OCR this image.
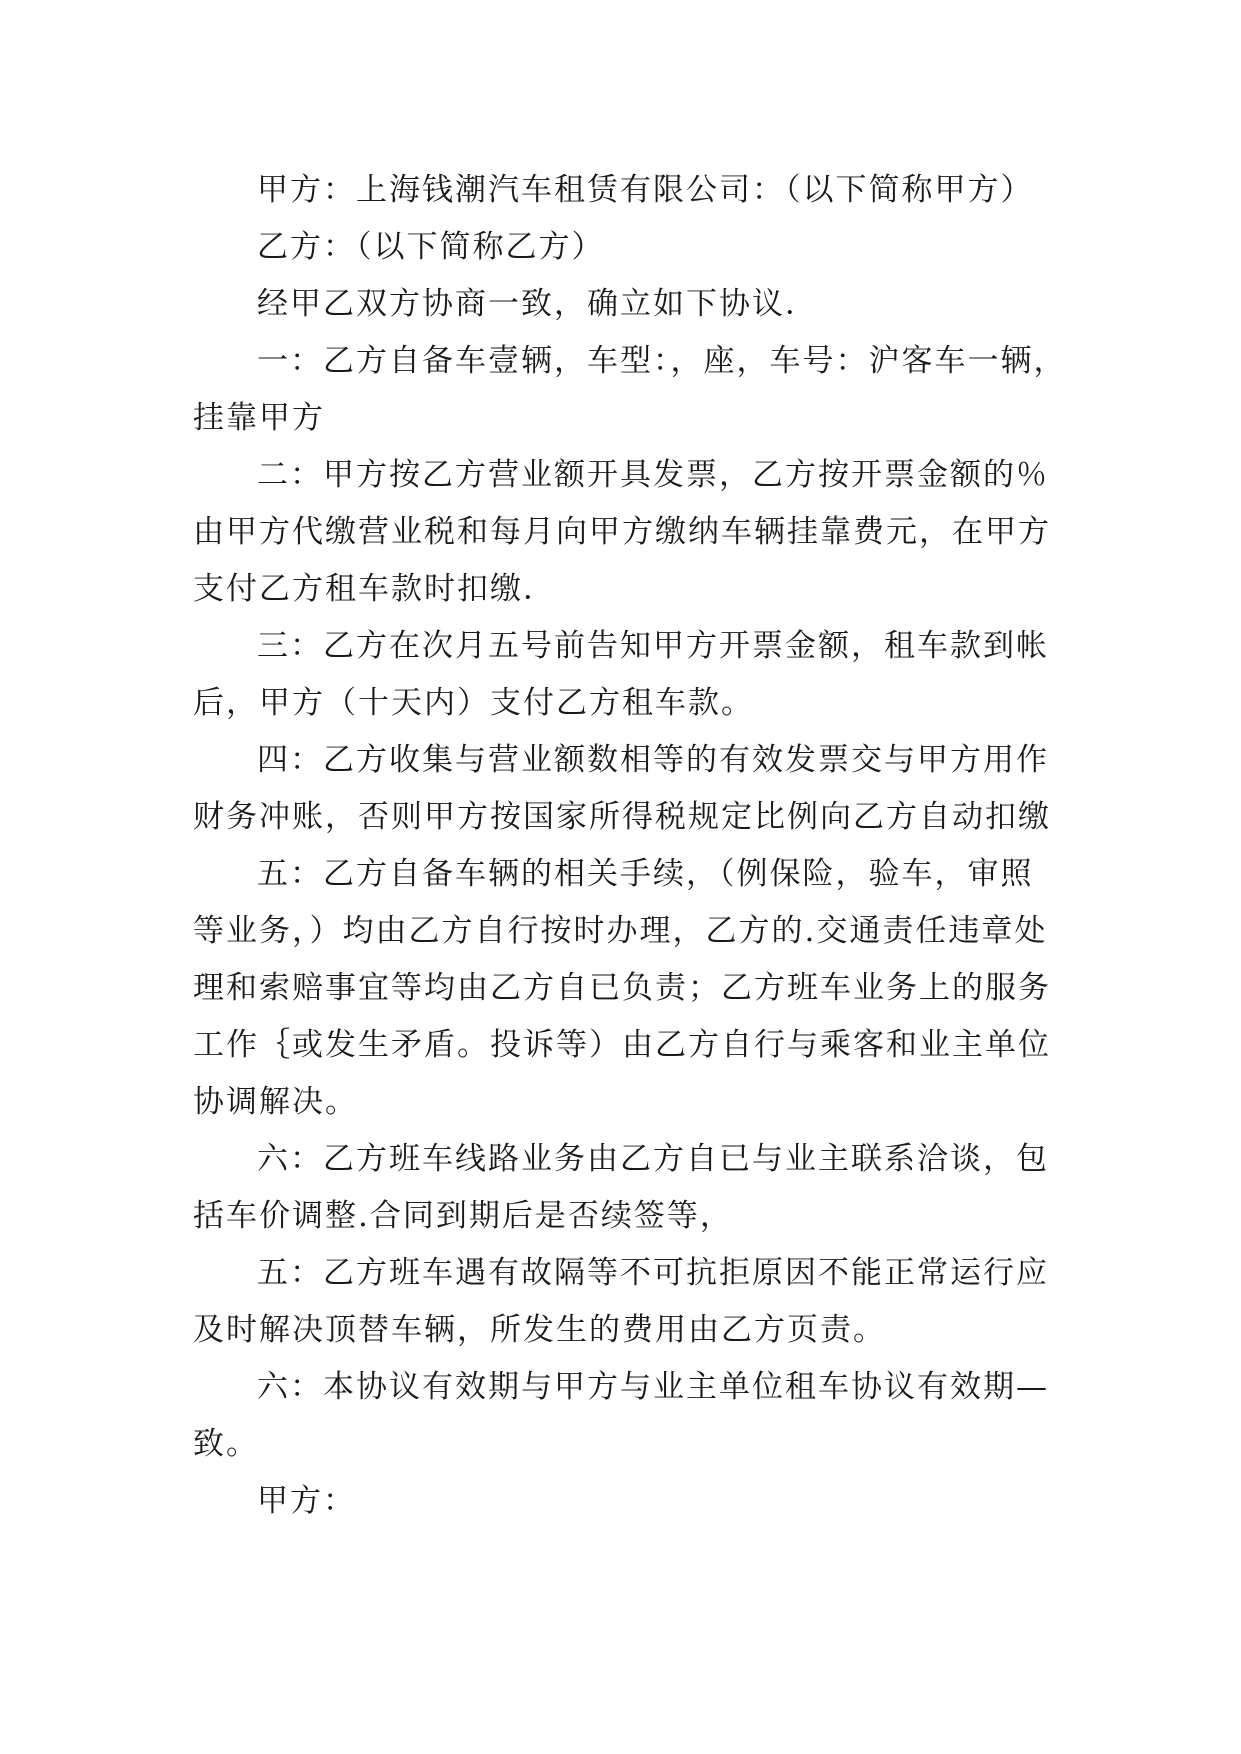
甲方：上海钱潮汽车租赁有限公司：（以下简称甲方）
乙方：（以下简称乙方）
经甲乙双方协商一致，确立如下协议．
一：乙方自备车壹辆，车型：，座，车号：沪客车一辆，
挂靠甲方
二：甲方按乙方营业额开具发票，乙方按开票金额的％
由甲方代缴营业税和每月向甲方缴纳车辆挂靠费元，在甲方
支付乙方租车款时扣缴．
三：乙方在次月五号前告知甲方开票金额，租车款到帐
后，甲方（十天内）支付乙方租车款。
四：乙方收集与营业额数相等的有效发票交与甲方用作
财务冲账，否则甲方按国家所得税规定比例向乙方自动扣缴
五：乙方自备车辆的相关手续，（例保险，验车，审照
等业务，）均由乙方自行按时办理，乙方的.交通责任违章处
理和索赔事宜等均由乙方自已负责；乙方班车业务上的服务
工作｛或发生矛盾。投诉等）由乙方自行与乘客和业主单位
协调解决。
六：乙方班车线路业务由乙方自已与业主联系洽谈，包
括车价调整.合同到期后是否续签等，
五：乙方班车遇有故隔等不可抗拒原因不能正常运行应
及时解决顶替车辆，所发生的费用由乙方页责。
六：本协议有效期与甲方与业主单位租车协议有效期—
致。
甲方：
